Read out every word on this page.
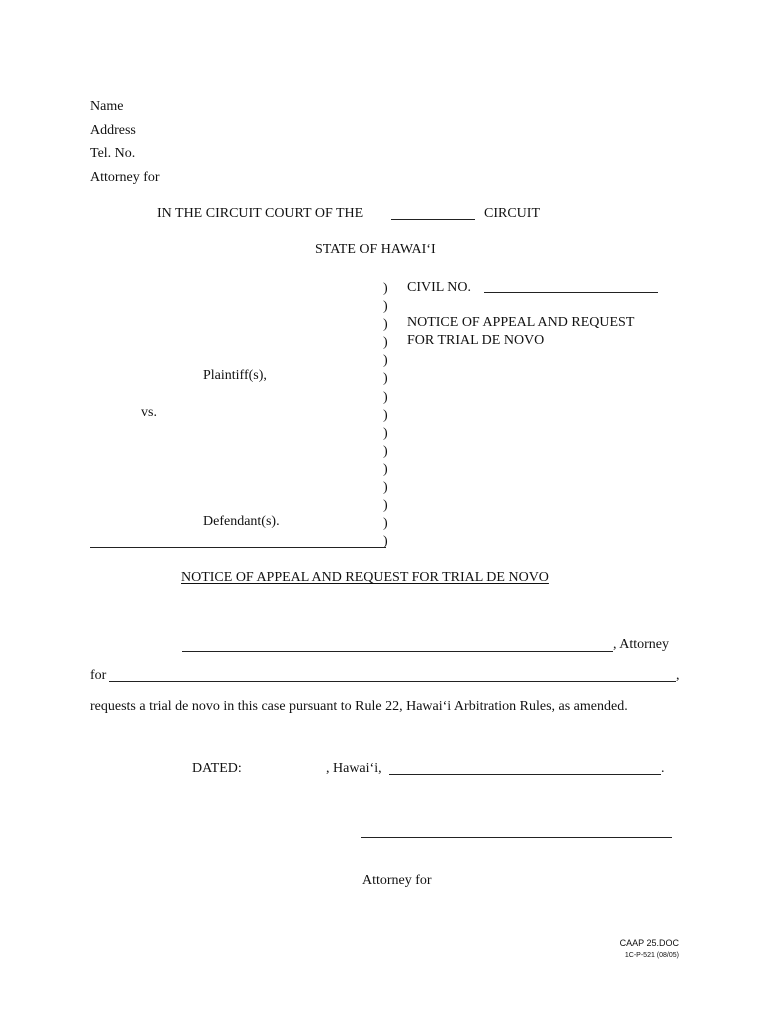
Name
Address
Tel. No.
Attorney for
IN THE CIRCUIT COURT OF THE	CIRCUIT
STATE OF HAWAI‘I
)
)
)
)
)
)
)
)
)
)
)
)
)
)
)
CIVIL NO.
NOTICE OF APPEAL AND REQUEST
FOR TRIAL DE NOVO
Plaintiff(s),
vs.
Defendant(s).
NOTICE OF APPEAL AND REQUEST FOR TRIAL DE NOVO
, Attorney
for	,
requests a trial de novo in this case pursuant to Rule 22, Hawai‘i Arbitration Rules, as amended.
DATED:	, Hawai‘i,	.
Attorney for
CAAP 25.DOC
1C-P-521 (08/05)
